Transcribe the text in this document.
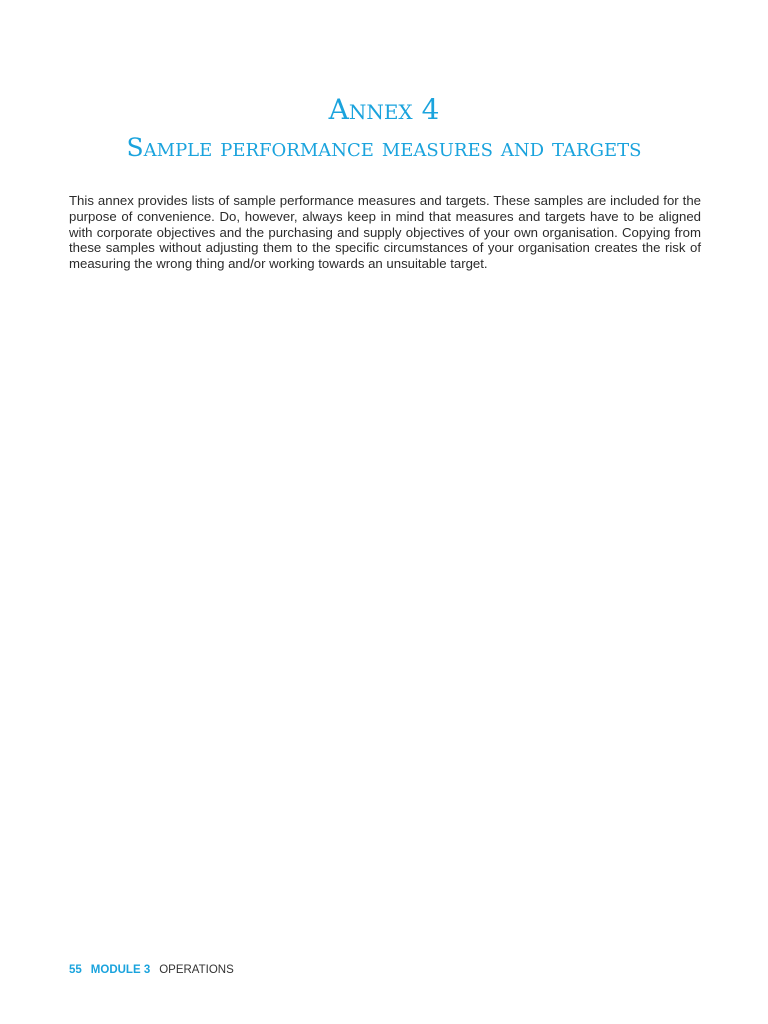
Annex 4
Sample performance measures and targets

This annex provides lists of sample performance measures and targets. These samples are included for the purpose of convenience. Do, however, always keep in mind that measures and targets have to be aligned with corporate objectives and the purchasing and supply objectives of your own organisation. Copying from these samples without adjusting them to the specific circumstances of your organisation creates the risk of measuring the wrong thing and/or working towards an unsuitable target.

55 MODULE 3 OPERATIONS
